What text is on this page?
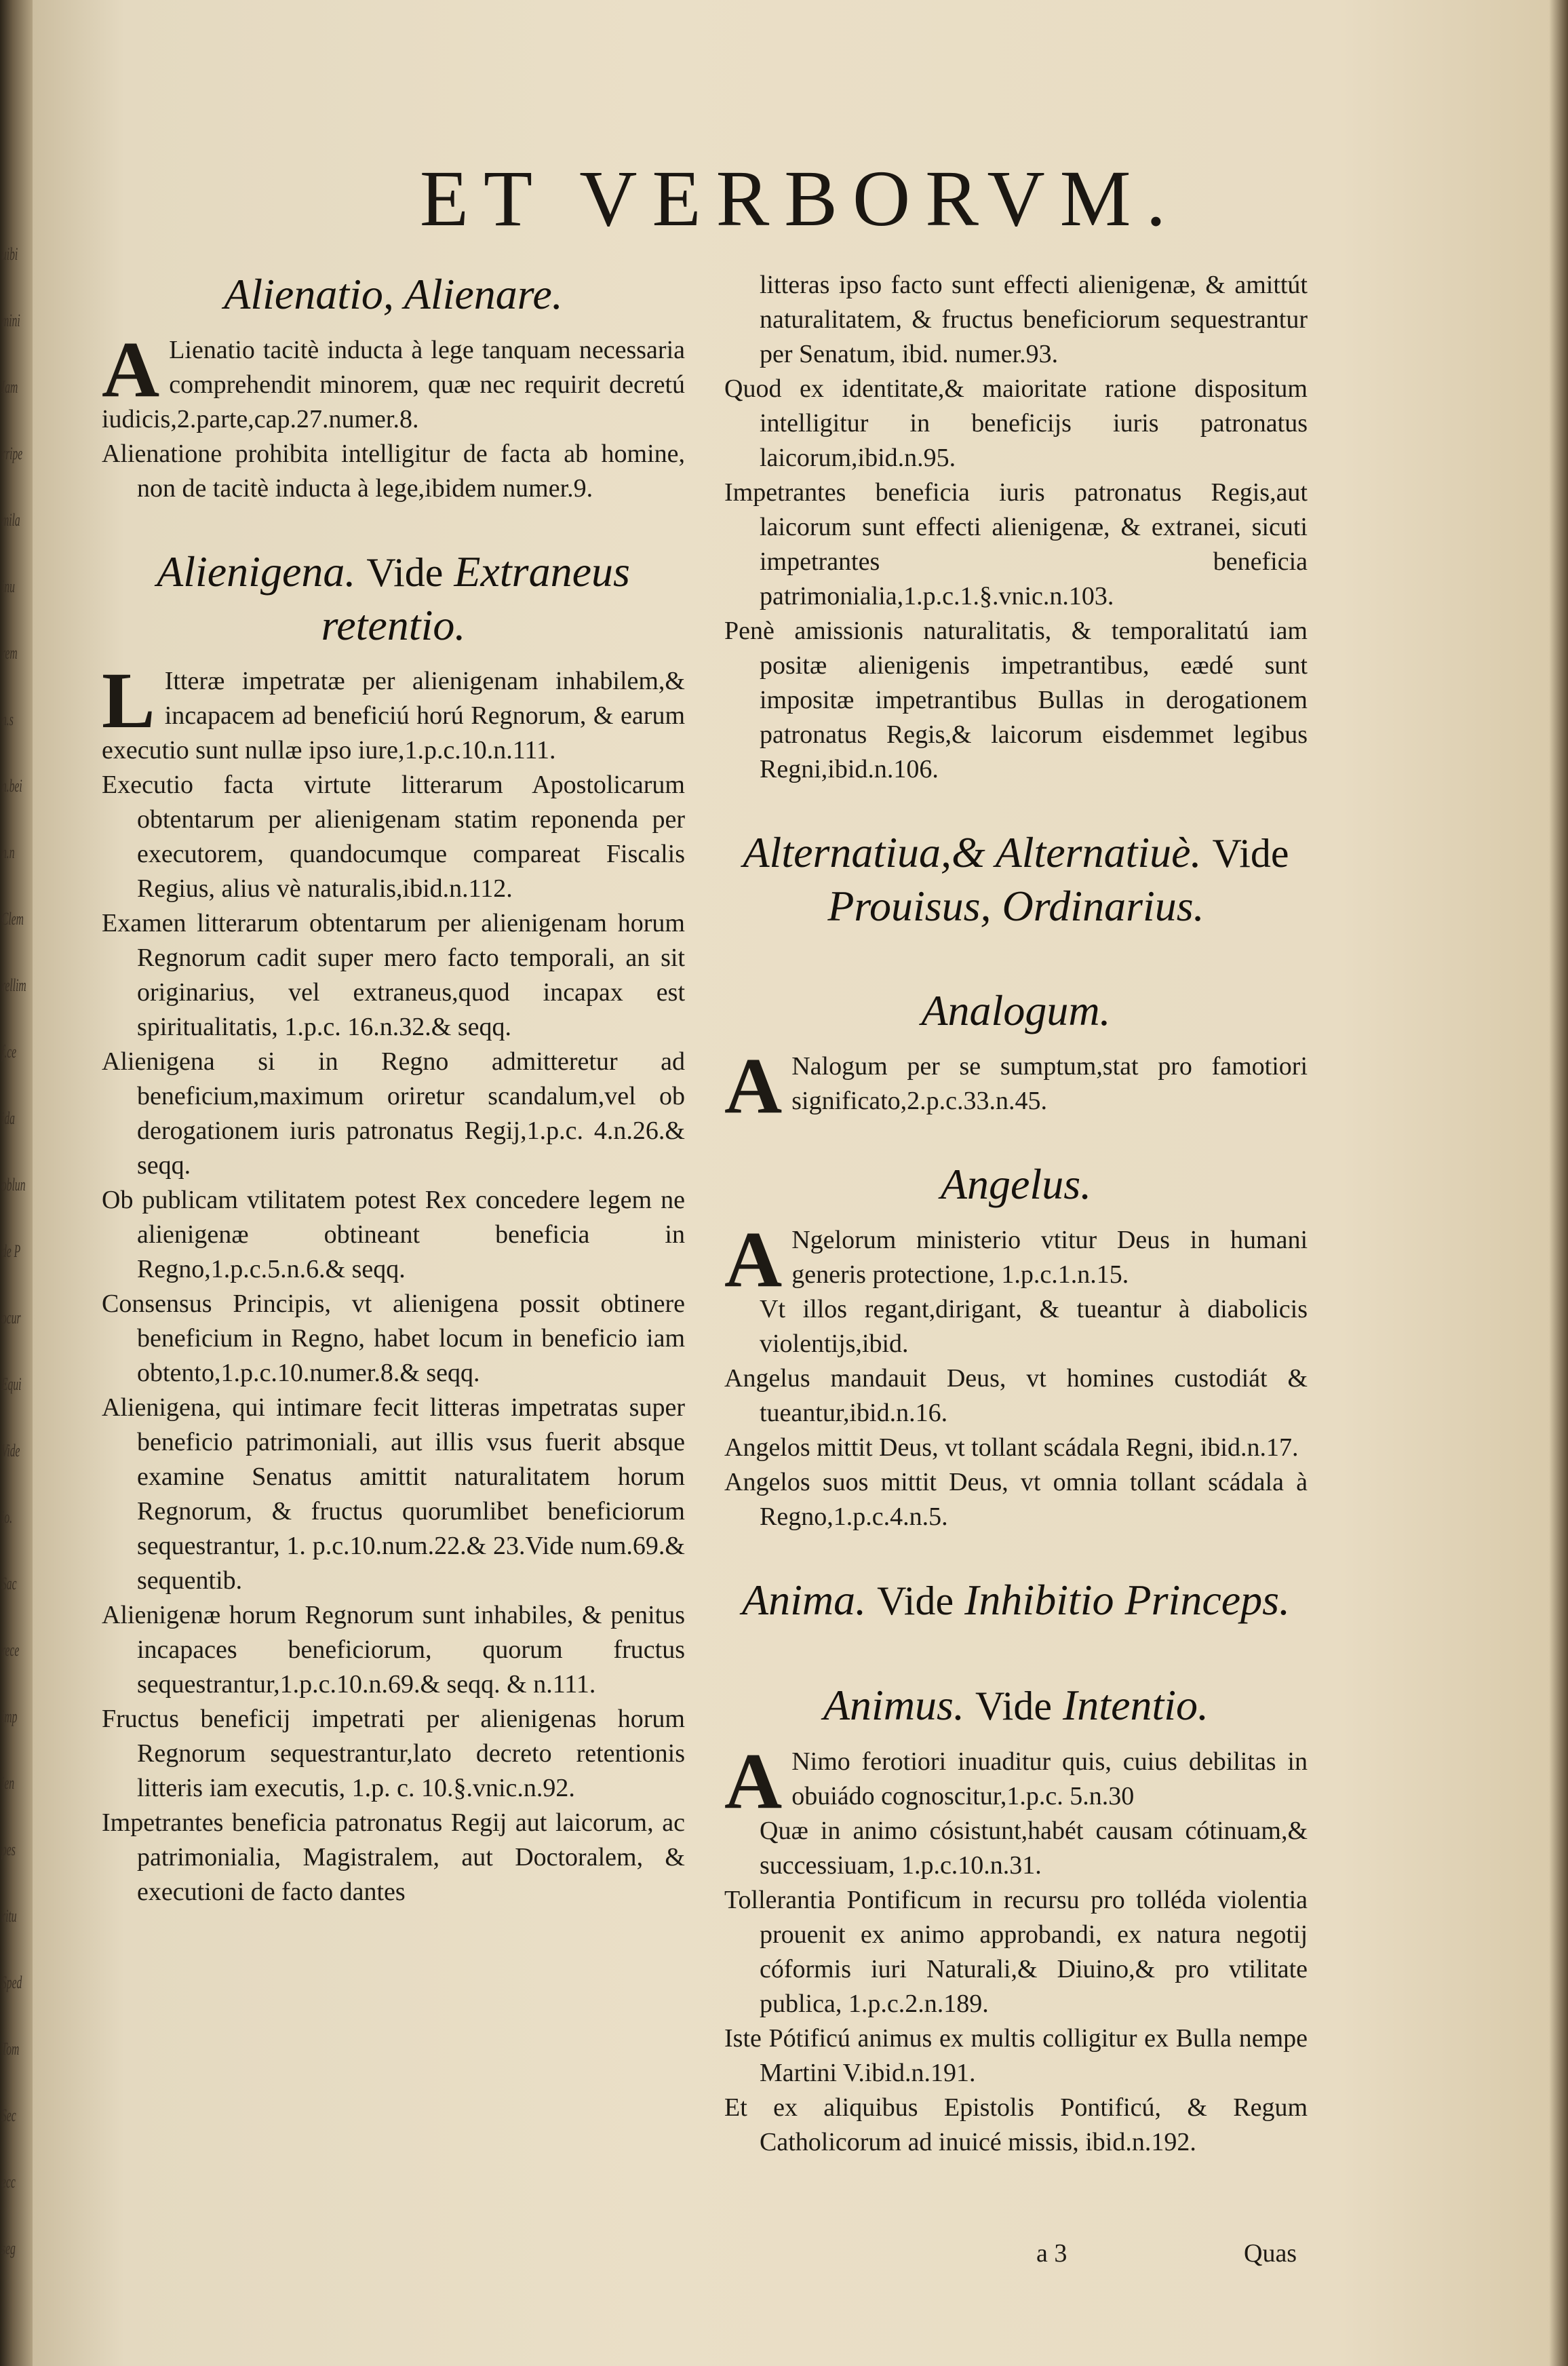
uibi
mini
Iam
rripe
mila
inu
rem
n.s
n.bei
n.n
Clem
rellim
f.ce
ida
oblun
de P
ocur
Equi
Vide
io.
Sac
rece
imp
ien
pes
ritu
Sped
Tom
Sec
ecc
seg
ET VERBORVM.
Alienatio, Alienare.

A Lienatio tacitè inducta à lege tanquam necessaria comprehendit minorem, quæ nec requirit decretú iudicis,2.parte,cap.27.numer.8.

Alienatione prohibita intelligitur de facta ab homine, non de tacitè inducta à lege,ibidem numer.9.

Alienigena. Vide Extraneus retentio.

L Itteræ impetratæ per alienigenam inhabilem,& incapacem ad beneficiú horú Regnorum, & earum executio sunt nullæ ipso iure,1.p.c.10.n.111.

Executio facta virtute litterarum Apostolicarum obtentarum per alienigenam statim reponenda per executorem, quandocumque compareat Fiscalis Regius, alius vè naturalis,ibid.n.112.

Examen litterarum obtentarum per alienigenam horum Regnorum cadit super mero facto temporali, an sit originarius, vel extraneus,quod incapax est spiritualitatis, 1.p.c. 16.n.32.& seqq.

Alienigena si in Regno admitteretur ad beneficium,maximum oriretur scandalum,vel ob derogationem iuris patronatus Regij,1.p.c. 4.n.26.& seqq.

Ob publicam vtilitatem potest Rex concedere legem ne alienigenæ obtineant beneficia in Regno,1.p.c.5.n.6.& seqq.

Consensus Principis, vt alienigena possit obtinere beneficium in Regno, habet locum in beneficio iam obtento,1.p.c.10.numer.8.& seqq.

Alienigena, qui intimare fecit litteras impetratas super beneficio patrimoniali, aut illis vsus fuerit absque examine Senatus amittit naturalitatem horum Regnorum, & fructus quorumlibet beneficiorum sequestrantur, 1. p.c.10.num.22.& 23.Vide num.69.& sequentib.

Alienigenæ horum Regnorum sunt inhabiles, & penitus incapaces beneficiorum, quorum fructus sequestrantur,1.p.c.10.n.69.& seqq. & n.111.

Fructus beneficij impetrati per alienigenas horum Regnorum sequestrantur,lato decreto retentionis litteris iam executis, 1.p. c. 10.§.vnic.n.92.

Impetrantes beneficia patronatus Regij aut laicorum, ac patrimonialia, Magistralem, aut Doctoralem, & executioni de facto dantes

litteras ipso facto sunt effecti alienigenæ, & amittút naturalitatem, & fructus beneficiorum sequestrantur per Senatum, ibid. numer.93.

Quod ex identitate,& maioritate ratione dispositum intelligitur in beneficijs iuris patronatus laicorum,ibid.n.95.

Impetrantes beneficia iuris patronatus Regis,aut laicorum sunt effecti alienigenæ, & extranei, sicuti impetrantes beneficia patrimonialia,1.p.c.1.§.vnic.n.103.

Penè amissionis naturalitatis, & temporalitatú iam positæ alienigenis impetrantibus, eædé sunt impositæ impetrantibus Bullas in derogationem patronatus Regis,& laicorum eisdemmet legibus Regni,ibid.n.106.

Alternatiua,& Alternatiuè. Vide Prouisus, Ordinarius.
Analogum.

A Nalogum per se sumptum,stat pro famotiori significato,2.p.c.33.n.45.

Angelus.

A Ngelorum ministerio vtitur Deus in humani generis protectione, 1.p.c.1.n.15.

Vt illos regant,dirigant, & tueantur à diabolicis violentijs,ibid.

Angelus mandauit Deus, vt homines custodiát & tueantur,ibid.n.16.

Angelos mittit Deus, vt tollant scádala Regni, ibid.n.17.

Angelos suos mittit Deus, vt omnia tollant scádala à Regno,1.p.c.4.n.5.

Anima. Vide Inhibitio Princeps.
Animus. Vide Intentio.

A Nimo ferotiori inuaditur quis, cuius debilitas in obuiádo cognoscitur,1.p.c. 5.n.30

Quæ in animo cósistunt,habét causam cótinuam,& successiuam, 1.p.c.10.n.31.

Tollerantia Pontificum in recursu pro tolléda violentia prouenit ex animo approbandi, ex natura negotij cóformis iuri Naturali,& Diuino,& pro vtilitate publica, 1.p.c.2.n.189.

Iste Pótificú animus ex multis colligitur ex Bulla nempe Martini V.ibid.n.191.

Et ex aliquibus Epistolis Pontificú, & Regum Catholicorum ad inuicé missis, ibid.n.192.

a 3	Quas
